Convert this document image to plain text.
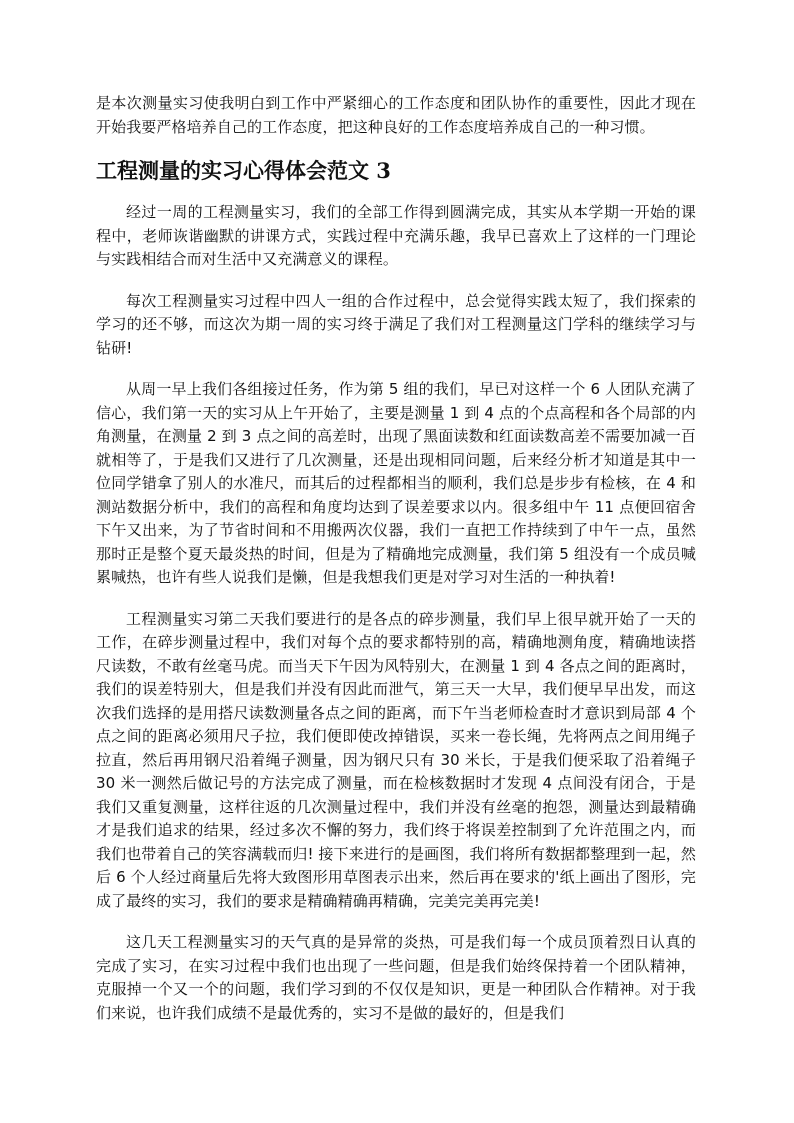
是本次测量实习使我明白到工作中严紧细心的工作态度和团队协作的重要性，因此才现在开始我要严格培养自己的工作态度，把这种良好的工作态度培养成自己的一种习惯。

工程测量的实习心得体会范文 3

经过一周的工程测量实习，我们的全部工作得到圆满完成，其实从本学期一开始的课程中，老师诙谐幽默的讲课方式，实践过程中充满乐趣，我早已喜欢上了这样的一门理论与实践相结合而对生活中又充满意义的课程。

每次工程测量实习过程中四人一组的合作过程中，总会觉得实践太短了，我们探索的学习的还不够，而这次为期一周的实习终于满足了我们对工程测量这门学科的继续学习与钻研!

从周一早上我们各组接过任务，作为第 5 组的我们，早已对这样一个 6 人团队充满了信心，我们第一天的实习从上午开始了，主要是测量 1 到 4 点的个点高程和各个局部的内角测量，在测量 2 到 3 点之间的高差时，出现了黑面读数和红面读数高差不需要加减一百就相等了，于是我们又进行了几次测量，还是出现相同问题，后来经分析才知道是其中一位同学错拿了别人的水准尺，而其后的过程都相当的顺利，我们总是步步有检核，在 4 和测站数据分析中，我们的高程和角度均达到了误差要求以内。很多组中午 11 点便回宿舍下午又出来，为了节省时间和不用搬两次仪器，我们一直把工作持续到了中午一点，虽然那时正是整个夏天最炎热的时间，但是为了精确地完成测量，我们第 5 组没有一个成员喊累喊热，也许有些人说我们是懒，但是我想我们更是对学习对生活的一种执着!

工程测量实习第二天我们要进行的是各点的碎步测量，我们早上很早就开始了一天的工作，在碎步测量过程中，我们对每个点的要求都特别的高，精确地测角度，精确地读搭尺读数，不敢有丝毫马虎。而当天下午因为风特别大，在测量 1 到 4 各点之间的距离时，我们的误差特别大，但是我们并没有因此而泄气，第三天一大早，我们便早早出发，而这次我们选择的是用搭尺读数测量各点之间的距离，而下午当老师检查时才意识到局部 4 个点之间的距离必须用尺子拉，我们便即使改掉错误，买来一卷长绳，先将两点之间用绳子拉直，然后再用钢尺沿着绳子测量，因为钢尺只有 30 米长，于是我们便采取了沿着绳子 30 米一测然后做记号的方法完成了测量，而在检核数据时才发现 4 点间没有闭合，于是我们又重复测量，这样往返的几次测量过程中，我们并没有丝毫的抱怨，测量达到最精确才是我们追求的结果，经过多次不懈的努力，我们终于将误差控制到了允许范围之内，而我们也带着自己的笑容满载而归! 接下来进行的是画图，我们将所有数据都整理到一起，然后 6 个人经过商量后先将大致图形用草图表示出来，然后再在要求的'纸上画出了图形，完成了最终的实习，我们的要求是精确精确再精确，完美完美再完美!

这几天工程测量实习的天气真的是异常的炎热，可是我们每一个成员顶着烈日认真的完成了实习，在实习过程中我们也出现了一些问题，但是我们始终保持着一个团队精神，克服掉一个又一个的问题，我们学习到的不仅仅是知识，更是一种团队合作精神。对于我们来说，也许我们成绩不是最优秀的，实习不是做的最好的，但是我们
